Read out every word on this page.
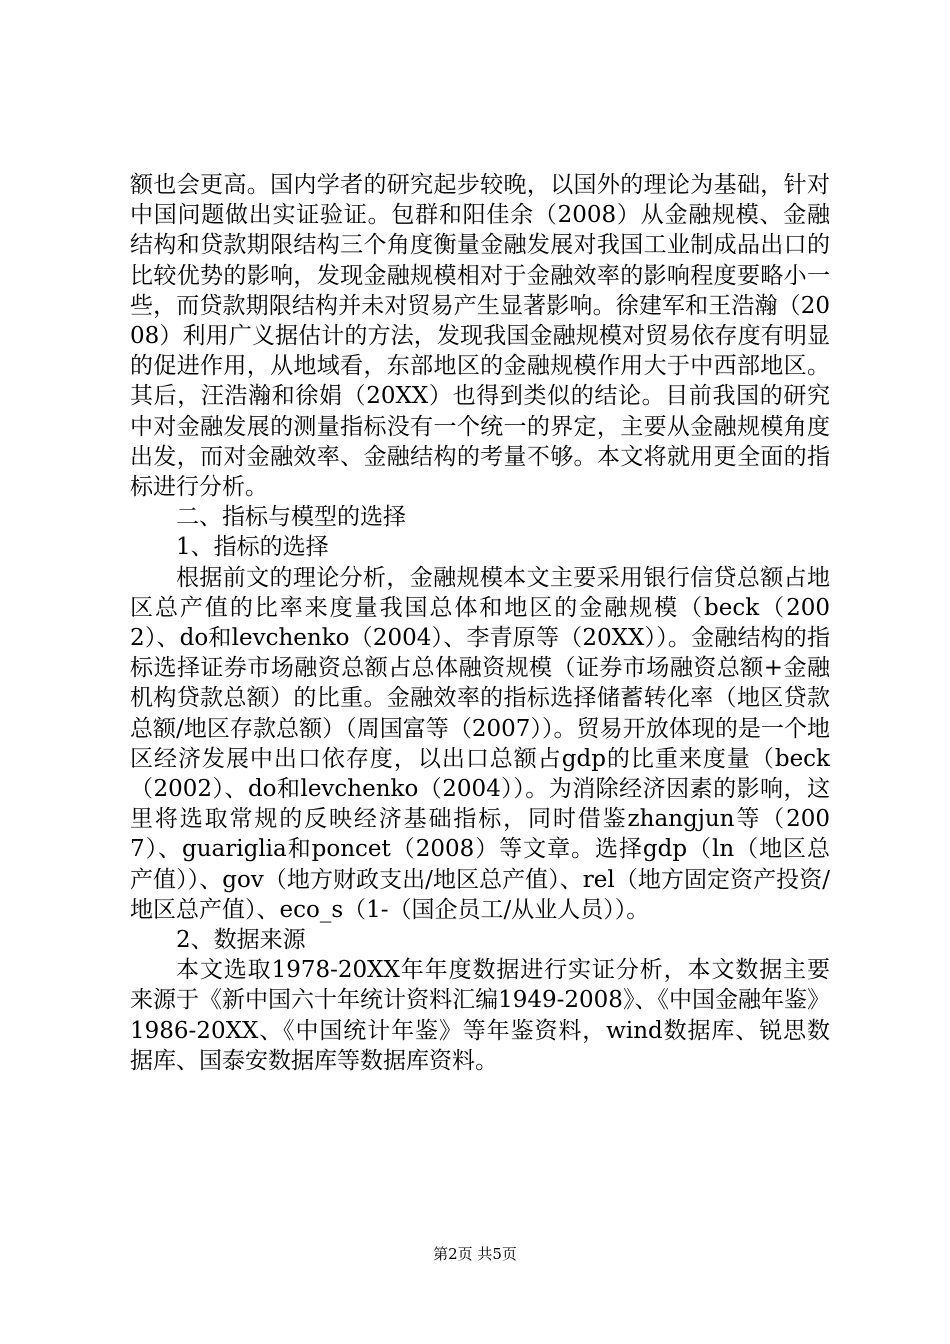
额也会更高。国内学者的研究起步较晚，以国外的理论为基础，针对中国问题做出实证验证。包群和阳佳余（2008）从金融规模、金融结构和贷款期限结构三个角度衡量金融发展对我国工业制成品出口的比较优势的影响，发现金融规模相对于金融效率的影响程度要略小一些，而贷款期限结构并未对贸易产生显著影响。徐建军和王浩瀚（2008）利用广义据估计的方法，发现我国金融规模对贸易依存度有明显的促进作用，从地域看，东部地区的金融规模作用大于中西部地区。其后，汪浩瀚和徐娟（20XX）也得到类似的结论。目前我国的研究中对金融发展的测量指标没有一个统一的界定，主要从金融规模角度出发，而对金融效率、金融结构的考量不够。本文将就用更全面的指标进行分析。

二、指标与模型的选择

1、指标的选择

根据前文的理论分析，金融规模本文主要采用银行信贷总额占地区总产值的比率来度量我国总体和地区的金融规模（beck（2002）、do和levchenko（2004）、李青原等（20XX））。金融结构的指标选择证券市场融资总额占总体融资规模（证券市场融资总额+金融机构贷款总额）的比重。金融效率的指标选择储蓄转化率（地区贷款总额/地区存款总额）（周国富等（2007））。贸易开放体现的是一个地区经济发展中出口依存度，以出口总额占gdp的比重来度量（beck（2002）、do和levchenko（2004））。为消除经济因素的影响，这里将选取常规的反映经济基础指标，同时借鉴zhangjun等（2007）、guariglia和poncet（2008）等文章。选择gdp（ln（地区总产值））、gov（地方财政支出/地区总产值）、rel（地方固定资产投资/地区总产值）、eco_s（1-（国企员工/从业人员））。

2、数据来源

本文选取1978-20XX年年度数据进行实证分析，本文数据主要来源于《新中国六十年统计资料汇编1949-2008》、《中国金融年鉴》1986-20XX、《中国统计年鉴》等年鉴资料，wind数据库、锐思数据库、国泰安数据库等数据库资料。

第2页 共5页
